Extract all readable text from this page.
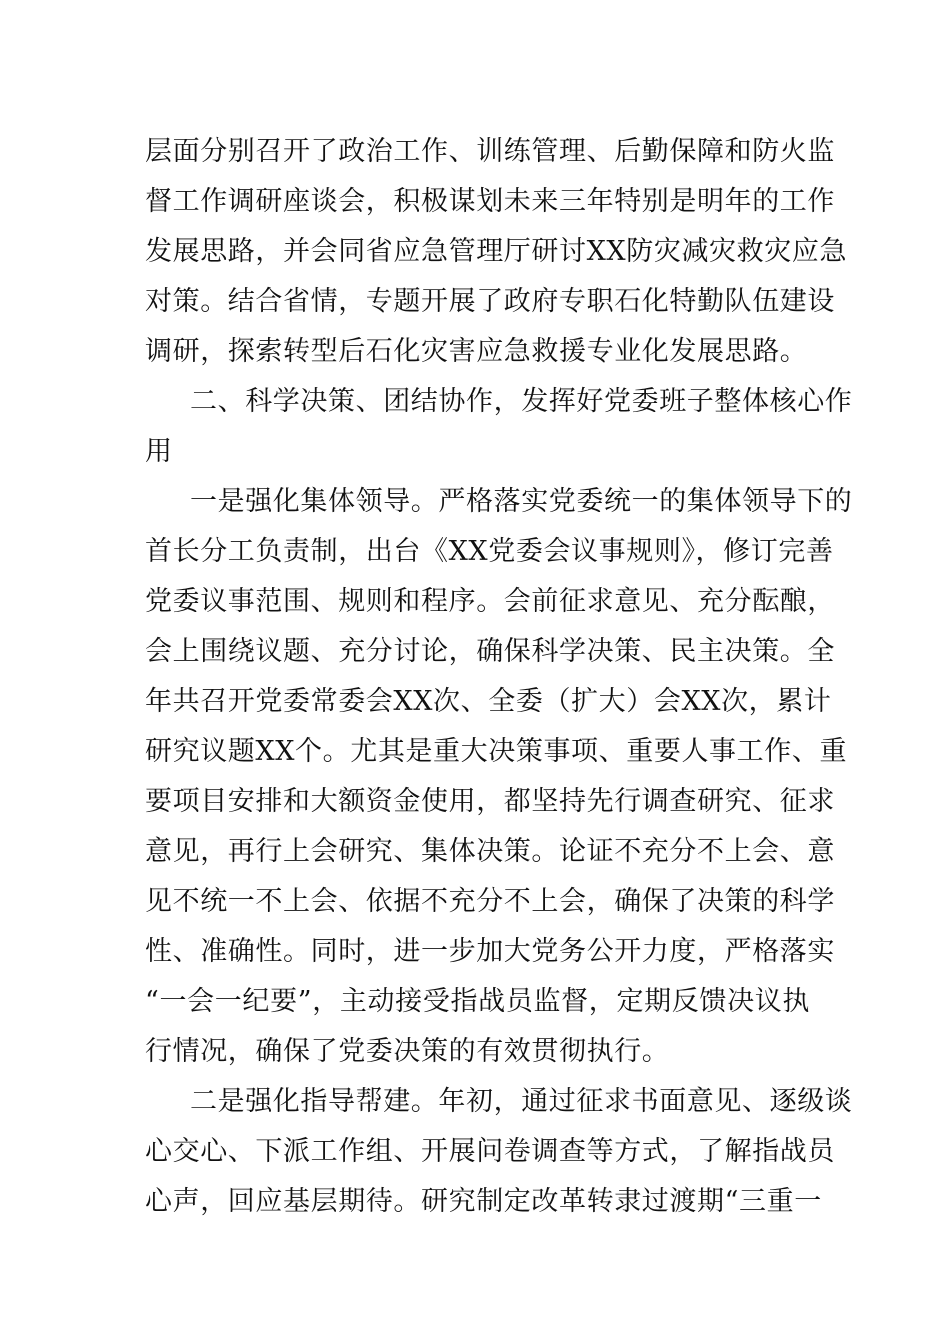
层面分别召开了政治工作、训练管理、后勤保障和防火监
督工作调研座谈会，积极谋划未来三年特别是明年的工作
发展思路，并会同省应急管理厅研讨XX防灾减灾救灾应急
对策。结合省情，专题开展了政府专职石化特勤队伍建设
调研，探索转型后石化灾害应急救援专业化发展思路。
二、科学决策、团结协作，发挥好党委班子整体核心作
用
一是强化集体领导。严格落实党委统一的集体领导下的
首长分工负责制，出台《XX党委会议事规则》，修订完善
党委议事范围、规则和程序。会前征求意见、充分酝酿，
会上围绕议题、充分讨论，确保科学决策、民主决策。全
年共召开党委常委会XX次、全委（扩大）会XX次，累计
研究议题XX个。尤其是重大决策事项、重要人事工作、重
要项目安排和大额资金使用，都坚持先行调查研究、征求
意见，再行上会研究、集体决策。论证不充分不上会、意
见不统一不上会、依据不充分不上会，确保了决策的科学
性、准确性。同时，进一步加大党务公开力度，严格落实
“一会一纪要”，主动接受指战员监督，定期反馈决议执
行情况，确保了党委决策的有效贯彻执行。
二是强化指导帮建。年初，通过征求书面意见、逐级谈
心交心、下派工作组、开展问卷调查等方式，了解指战员
心声，回应基层期待。研究制定改革转隶过渡期“三重一
